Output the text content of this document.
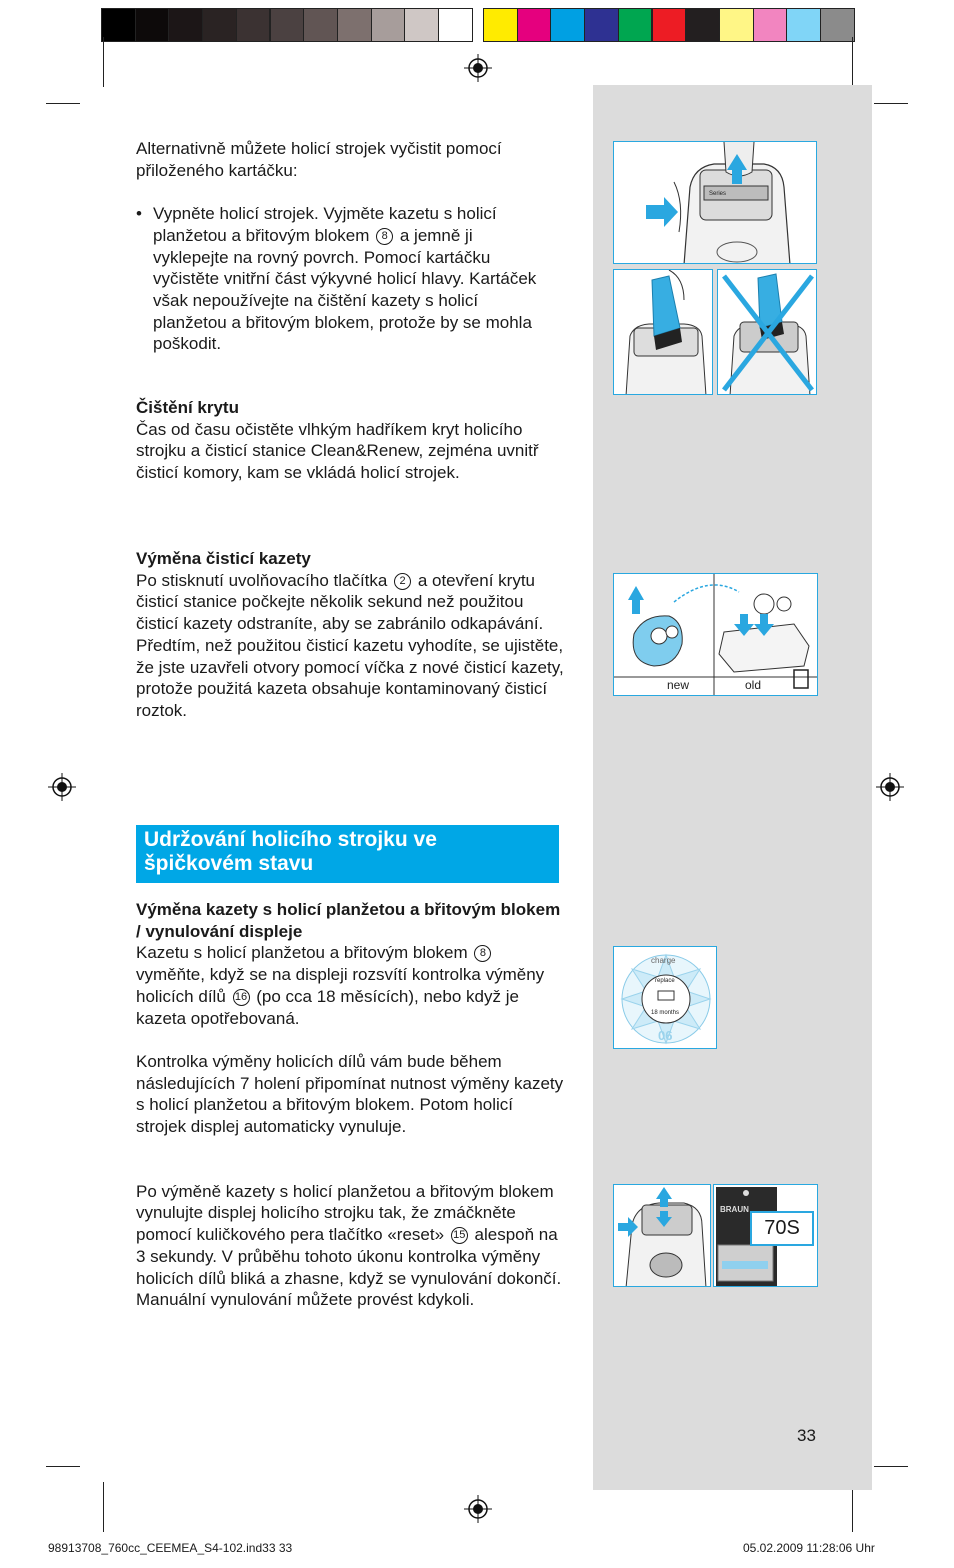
Series
new	old
charge
replace
18 months
06
BRAUN
70S

Alternativně můžete holicí strojek vyčistit pomocí přiloženého kartáčku:

• Vypněte holicí strojek. Vyjměte kazetu s holicí planžetou a břitovým blokem 8 a jemně ji vyklepejte na rovný povrch. Pomocí kartáčku vyčistěte vnitřní část výkyvné holicí hlavy. Kartáček však nepoužívejte na čištění kazety s holicí planžetou a břitovým blokem, protože by se mohla poškodit.

Čištění krytu

Čas od času očistěte vlhkým hadříkem kryt holicího strojku a čisticí stanice Clean&Renew, zejména uvnitř čisticí komory, kam se vkládá holicí strojek.

Výměna čisticí kazety

Po stisknutí uvolňovacího tlačítka 2 a otevření krytu čisticí stanice počkejte několik sekund než použitou čisticí kazety odstraníte, aby se zabránilo odkapávání.

Předtím, než použitou čisticí kazetu vyhodíte, se ujistěte, že jste uzavřeli otvory pomocí víčka z nové čisticí kazety, protože použitá kazeta obsahuje kontaminovaný čisticí roztok.

Udržování holicího strojku ve
špičkovém stavu

Výměna kazety s holicí planžetou a břitovým blokem / vynulování displeje

Kazetu s holicí planžetou a břitovým blokem 8 vyměňte, když se na displeji rozsvítí kontrolka výměny holicích dílů 16 (po cca 18 měsících), nebo když je kazeta opotřebovaná.

Kontrolka výměny holicích dílů vám bude během následujících 7 holení připomínat nutnost výměny kazety s holicí planžetou a břitovým blokem. Potom holicí strojek displej automaticky vynuluje.

Po výměně kazety s holicí planžetou a břitovým blokem vynulujte displej holicího strojku tak, že zmáčkněte pomocí kuličkového pera tlačítko «reset» 15 alespoň na 3 sekundy. V průběhu tohoto úkonu kontrolka výměny holicích dílů bliká a zhasne, když se vynulování dokončí. Manuální vynulování můžete provést kdykoli.

33
98913708_760cc_CEEMEA_S4-102.ind33 33	05.02.2009 11:28:06 Uhr
